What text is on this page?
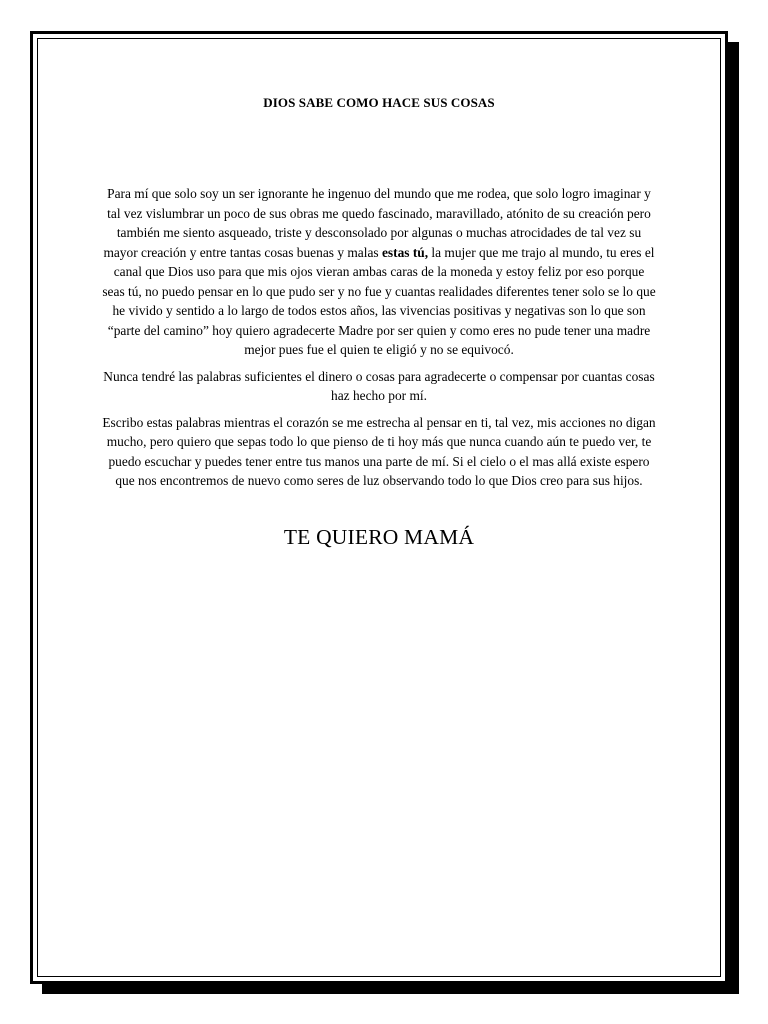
DIOS SABE COMO HACE SUS COSAS

Para mí que solo soy un ser ignorante he ingenuo del mundo que me rodea, que solo logro imaginar y tal vez vislumbrar un poco de sus obras me quedo fascinado, maravillado, atónito de su creación pero también me siento asqueado, triste y desconsolado por algunas o muchas atrocidades de tal vez su mayor creación y entre tantas cosas buenas y malas estas tú, la mujer que me trajo al mundo, tu eres el canal que Dios uso para que mis ojos vieran ambas caras de la moneda y estoy feliz por eso porque seas tú, no puedo pensar en lo que pudo ser y no fue y cuantas realidades diferentes tener solo se lo que he vivido y sentido a lo largo de todos estos años, las vivencias positivas y negativas son lo que son “parte del camino” hoy quiero agradecerte Madre por ser quien y como eres no pude tener una madre mejor pues fue el quien te eligió y no se equivocó.

Nunca tendré las palabras suficientes el dinero o cosas para agradecerte o compensar por cuantas cosas haz hecho por mí.

Escribo estas palabras mientras el corazón se me estrecha al pensar en ti, tal vez, mis acciones no digan mucho, pero quiero que sepas todo lo que pienso de ti hoy más que nunca cuando aún te puedo ver, te puedo escuchar y puedes tener entre tus manos una parte de mí. Si el cielo o el mas allá existe espero que nos encontremos de nuevo como seres de luz observando todo lo que Dios creo para sus hijos.

TE QUIERO MAMÁ
